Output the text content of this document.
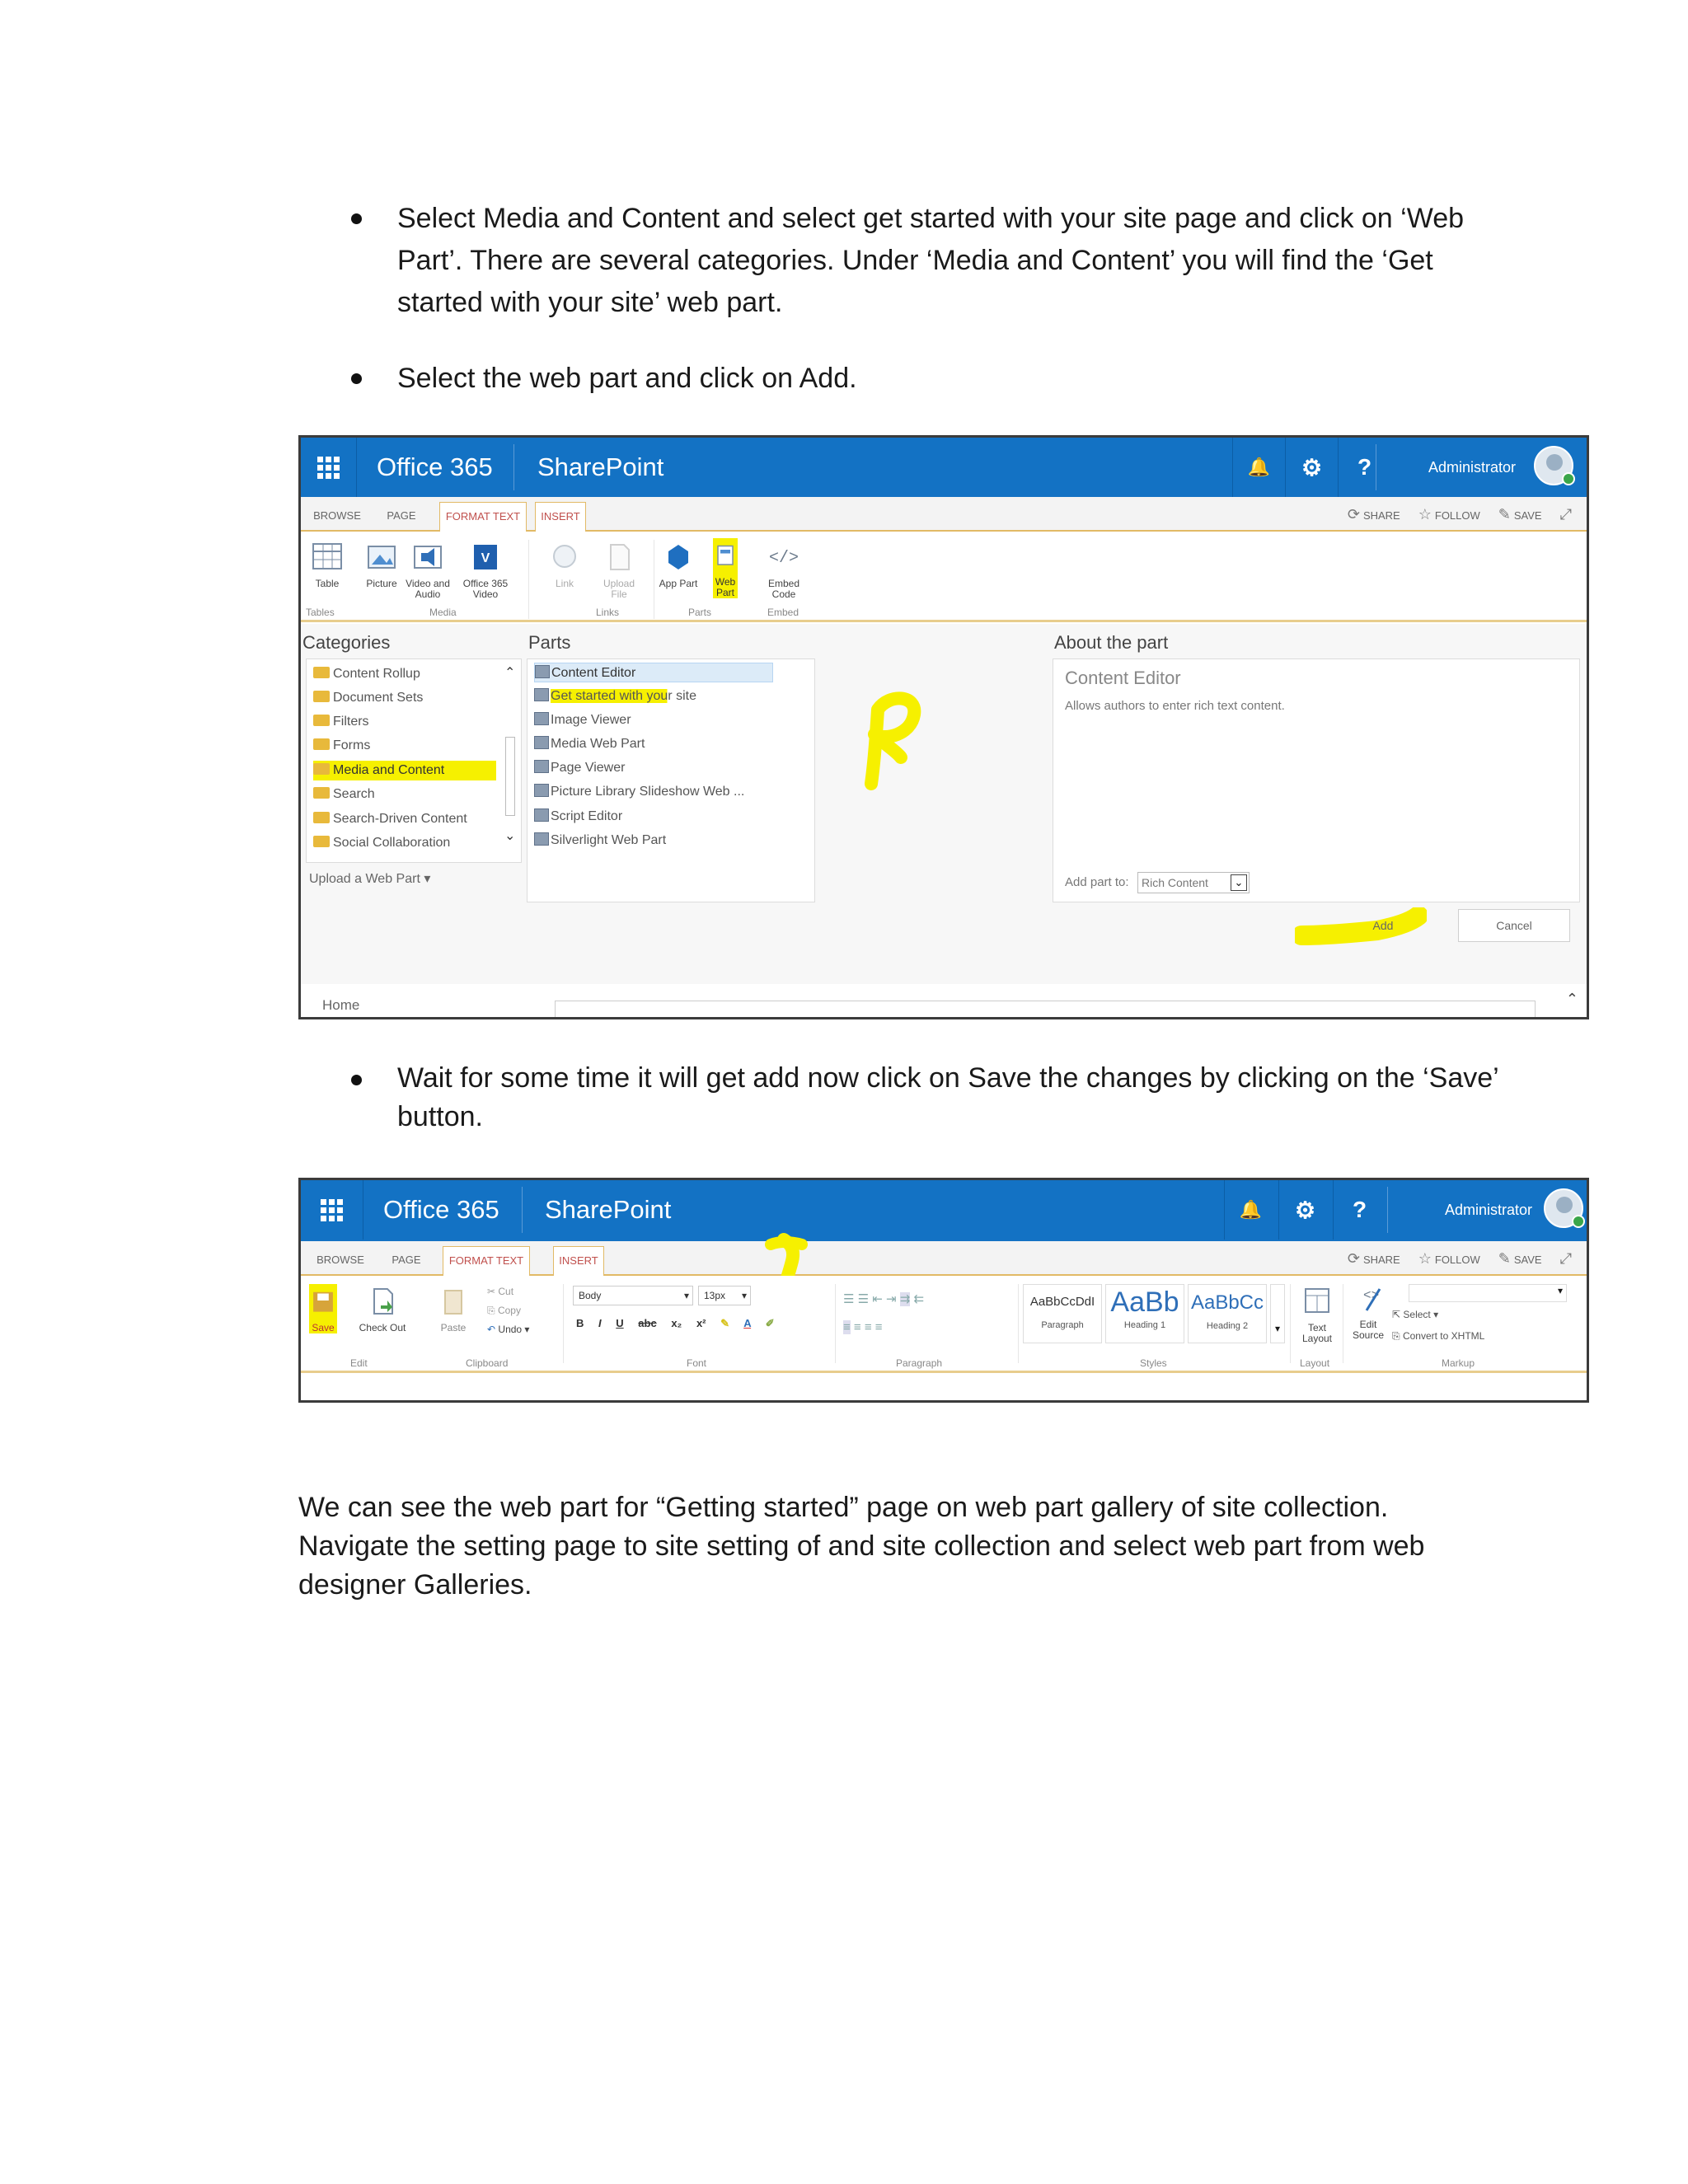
Select Media and Content and select get started with your site page and click on ‘Web Part’. There are several categories. Under ‘Media and Content’ you will find the ‘Get started with your site’ web part.
Select the web part and click on Add.
Office 365 SharePoint	🔔 ⚙ ?	Administrator
BROWSE	PAGE	FORMAT TEXT	INSERT	⟳ SHARE ☆ FOLLOW ✎ SAVE ⤢
Table	Picture Video and Audio
V
Office 365 Video
Link	Upload File
App Part	Web Part
</>
Embed Code
Tables	Media	Links	Parts	Embed
Categories
Content Rollup
Document Sets
Filters
Forms
Media and Content
Search
Search-Driven Content
Social Collaboration
⌃
⌄
Upload a Web Part ▾
Parts
Content Editor
Get started with your site
Image Viewer
Media Web Part
Page Viewer
Picture Library Slideshow Web ...
Script Editor
Silverlight Web Part
About the part
Content Editor
Allows authors to enter rich text content.
Add part to:	Rich Content	⌄
Add	Cancel
Home	⌃
Wait for some time it will get add now click on Save the changes by clicking on the ‘Save’ button.
Office 365 SharePoint	🔔 ⚙ ?	Administrator
BROWSE	PAGE	FORMAT TEXT	INSERT	⟳ SHARE ☆ FOLLOW ✎ SAVE ⤢
Save	Check Out	Paste
✂ Cut
⎘ Copy
↶ Undo ▾
Body	▾	13px ▾
B I U abc x₂ x² ✎ A ✐
☰ ☰ ⇤ ⇥ ⇉ ⇇
≡ ≡ ≡ ≡
AaBbCcDdI
Paragraph
AaBb
Heading 1
AaBbCc
Heading 2	▾	Text Layout
<>
Edit Source
▾
⇱ Select ▾
⎘ Convert to XHTML
Edit	Clipboard	Font	Paragraph	Styles	Layout	Markup
We can see the web part for “Getting started” page on web part gallery of site collection. Navigate the setting page to site setting of and site collection and select web part from web designer Galleries.
